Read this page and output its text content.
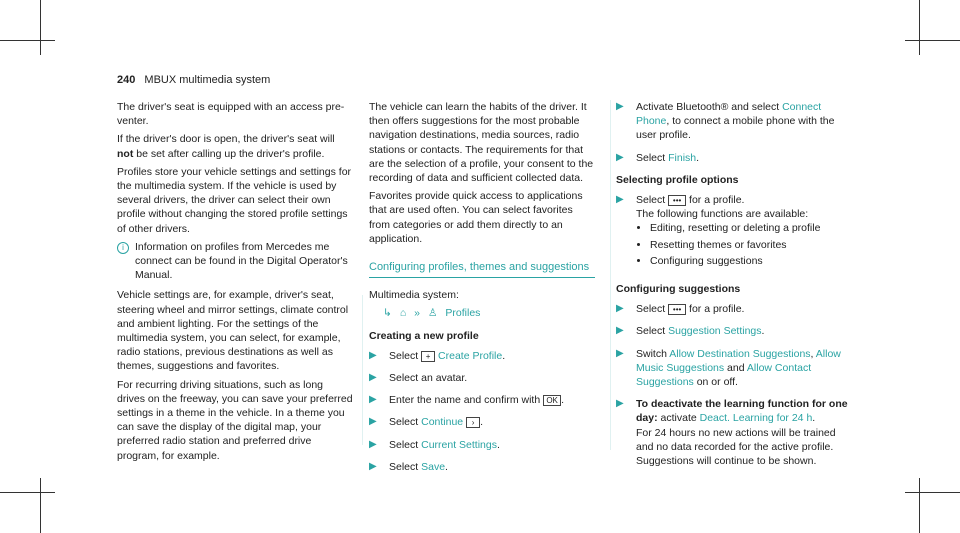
240 MBUX multimedia system

The driver's seat is equipped with an access pre-venter.

If the driver's door is open, the driver's seat will not be set after calling up the driver's profile.

Profiles store your vehicle settings and settings for the multimedia system. If the vehicle is used by several drivers, the driver can select their own profile without changing the stored profile settings of other drivers.

i	Information on profiles from Mercedes me connect can be found in the Digital Operator's Manual.

Vehicle settings are, for example, driver's seat, steering wheel and mirror settings, climate control and ambient lighting. For the settings of the multimedia system, you can select, for example, radio stations, previous destinations as well as themes, suggestions and favorites.

For recurring driving situations, such as long drives on the freeway, you can save your preferred settings in a theme in the vehicle. In a theme you can save the display of the digital map, your preferred radio station and preferred drive program, for example.

The vehicle can learn the habits of the driver. It then offers suggestions for the most probable navigation destinations, media sources, radio stations or contacts. The requirements for that are the selection of a profile, your consent to the recording of data and sufficient collected data.

Favorites provide quick access to applications that are used often. You can select favorites from categories or add them directly to an application.

Configuring profiles, themes and suggestions
Multimedia system:
↳ ⌂ » ♙ Profiles
Creating a new profile
▶	Select + Create Profile.
▶	Select an avatar.
▶	Enter the name and confirm with OK .
▶	Select Continue › .
▶	Select Current Settings.
▶	Select Save.
▶	Activate Bluetooth® and select Connect Phone, to connect a mobile phone with the user profile.
▶	Select Finish.
Selecting profile options
▶	Select ••• for a profile.
The following functions are available:
• Editing, resetting or deleting a profile
• Resetting themes or favorites
• Configuring suggestions
Configuring suggestions
▶	Select ••• for a profile.
▶	Select Suggestion Settings.
▶	Switch Allow Destination Suggestions, Allow Music Suggestions and Allow Contact Suggestions on or off.
▶	To deactivate the learning function for one day: activate Deact. Learning for 24 h.
For 24 hours no new actions will be trained and no data recorded for the active profile. Suggestions will continue to be shown.
